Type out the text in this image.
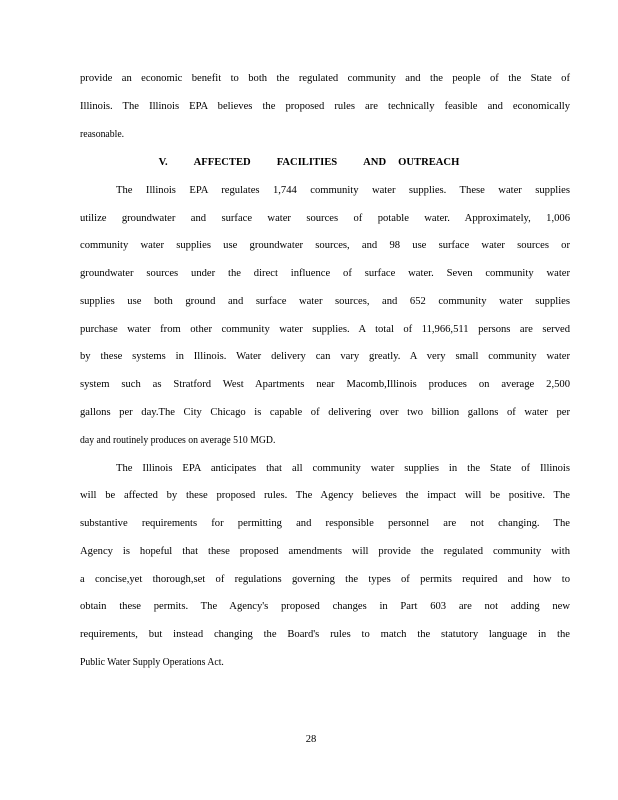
provide an economic benefit to both the regulated community and the people of the State of
Illinois. The Illinois EPA believes the proposed rules are technically feasible and economically
reasonable.
V. AFFECTED FACILITIES AND OUTREACH
The Illinois EPA regulates 1,744 community water supplies. These water supplies
utilize groundwater and surface water sources of potable water. Approximately, 1,006
community water supplies use groundwater sources, and 98 use surface water sources or
groundwater sources under the direct influence of surface water. Seven community water
supplies use both ground and surface water sources, and 652 community water supplies
purchase water from other community water supplies. A total of 11,966,511 persons are served
by these systems in Illinois. Water delivery can vary greatly. A very small community water
system such as Stratford West Apartments near Macomb,Illinois produces on average 2,500
gallons per day.The City Chicago is capable of delivering over two billion gallons of water per
day and routinely produces on average 510 MGD.
The Illinois EPA anticipates that all community water supplies in the State of Illinois
will be affected by these proposed rules. The Agency believes the impact will be positive. The
substantive requirements for permitting and responsible personnel are not changing. The
Agency is hopeful that these proposed amendments will provide the regulated community with
a concise,yet thorough,set of regulations governing the types of permits required and how to
obtain these permits. The Agency's proposed changes in Part 603 are not adding new
requirements, but instead changing the Board's rules to match the statutory language in the
Public Water Supply Operations Act.
28
